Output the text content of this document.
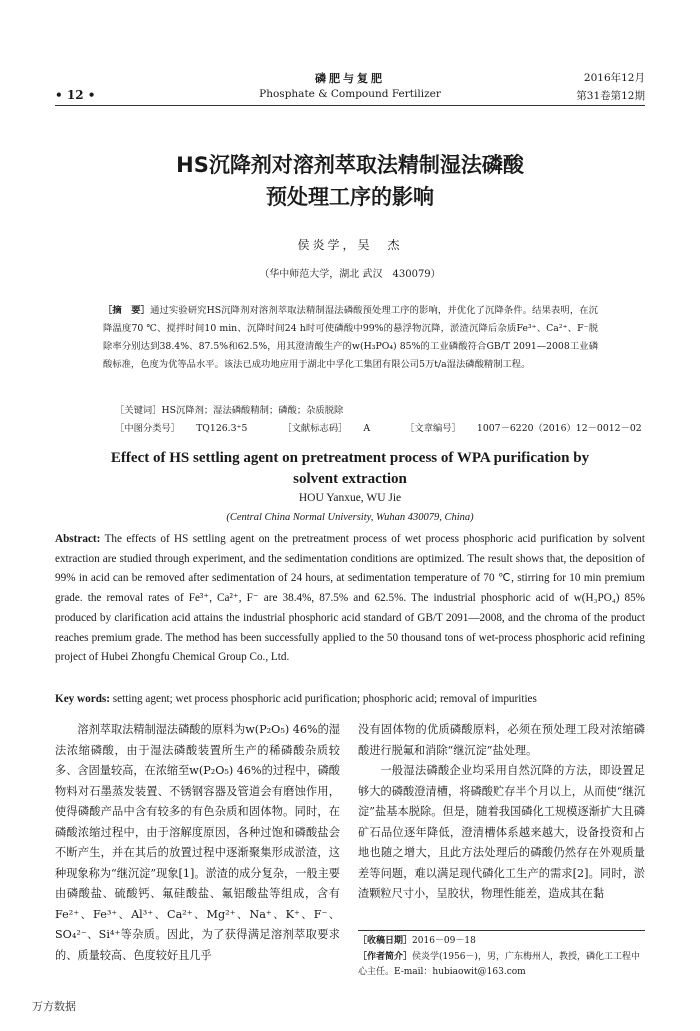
• 12 •
磷肥与复肥
Phosphate & Compound Fertilizer
2016年12月
第31卷第12期
HS沉降剂对溶剂萃取法精制湿法磷酸
预处理工序的影响
侯炎学，吴　杰
（华中师范大学，湖北 武汉　430079）
［摘　要］通过实验研究HS沉降剂对溶剂萃取法精制湿法磷酸预处理工序的影响，并优化了沉降条件。结果表明，在沉降温度70 ℃、搅拌时间10 min、沉降时间24 h时可使磷酸中99%的悬浮物沉降，淤渣沉降后杂质Fe³⁺、Ca²⁺、F⁻脱除率分别达到38.4%、87.5%和62.5%，用其澄清酸生产的w(H₃PO₄) 85%的工业磷酸符合GB/T 2091—2008工业磷酸标准，色度为优等品水平。该法已成功地应用于湖北中孚化工集团有限公司5万t/a湿法磷酸精制工程。
［关键词］HS沉降剂；湿法磷酸精制；磷酸；杂质脱除
［中图分类号］ TQ126.3⁺5	［文献标志码］ A	［文章编号］ 1007－6220（2016）12－0012－02
Effect of HS settling agent on pretreatment process of WPA purification by
solvent extraction
HOU Yanxue, WU Jie
(Central China Normal University, Wuhan 430079, China)
Abstract: The effects of HS settling agent on the pretreatment process of wet process phosphoric acid purification by solvent extraction are studied through experiment, and the sedimentation conditions are optimized. The result shows that, the deposition of 99% in acid can be removed after sedimentation of 24 hours, at sedimentation temperature of 70 ℃, stirring for 10 min premium grade. the removal rates of Fe³⁺, Ca²⁺, F⁻ are 38.4%, 87.5% and 62.5%. The industrial phosphoric acid of w(H₃PO₄) 85% produced by clarification acid attains the industrial phosphoric acid standard of GB/T 2091—2008, and the chroma of the product reaches premium grade. The method has been successfully applied to the 50 thousand tons of wet-process phosphoric acid refining project of Hubei Zhongfu Chemical Group Co., Ltd.
Key words: setting agent; wet process phosphoric acid purification; phosphoric acid; removal of impurities

溶剂萃取法精制湿法磷酸的原料为w(P₂O₅) 46%的湿法浓缩磷酸，由于湿法磷酸装置所生产的稀磷酸杂质较多、含固量较高，在浓缩至w(P₂O₅) 46%的过程中，磷酸物料对石墨蒸发装置、不锈钢容器及管道会有磨蚀作用，使得磷酸产品中含有较多的有色杂质和固体物。同时，在磷酸浓缩过程中，由于溶解度原因，各种过饱和磷酸盐会不断产生，并在其后的放置过程中逐渐聚集形成淤渣，这种现象称为“继沉淀”现象[1]。淤渣的成分复杂，一般主要由磷酸盐、硫酸钙、氟硅酸盐、氟铝酸盐等组成，含有Fe²⁺、Fe³⁺、Al³⁺、Ca²⁺、Mg²⁺、Na⁺、K⁺、F⁻、SO₄²⁻、Si⁴⁺等杂质。因此，为了获得满足溶剂萃取要求的、质量较高、色度较好且几乎

没有固体物的优质磷酸原料，必须在预处理工段对浓缩磷酸进行脱氟和消除“继沉淀”盐处理。

一般湿法磷酸企业均采用自然沉降的方法，即设置足够大的磷酸澄清槽，将磷酸贮存半个月以上，从而使“继沉淀”盐基本脱除。但是，随着我国磷化工规模逐渐扩大且磷矿石品位逐年降低，澄清槽体系越来越大，设备投资和占地也随之增大，且此方法处理后的磷酸仍然存在外观质量差等问题，难以满足现代磷化工生产的需求[2]。同时，淤渣颗粒尺寸小，呈胶状，物理性能差，造成其在黏

［收稿日期］2016－09－18
［作者简介］侯炎学(1956－)，男，广东梅州人，教授，磷化工工程中心主任。E-mail：hubiaowit@163.com
万方数据
